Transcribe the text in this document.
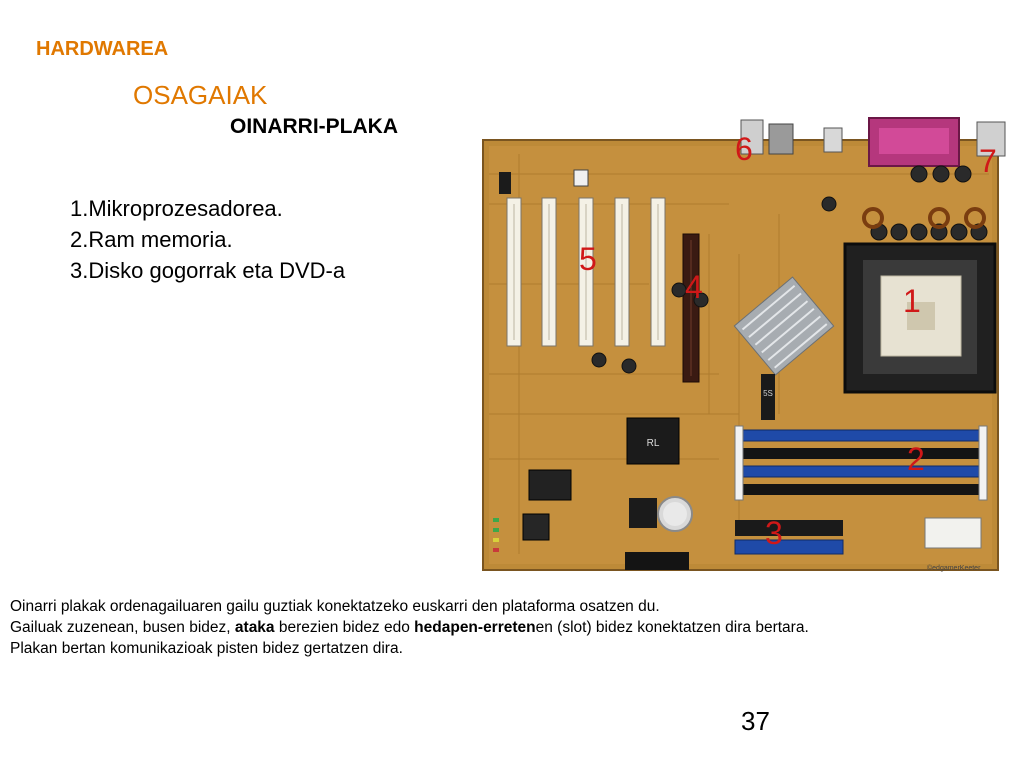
HARDWAREA
OSAGAIAK
OINARRI-PLAKA
1.Mikroprozesadorea.
2.Ram memoria.
3.Disko gogorrak eta DVD-a
RL
5S
1
2
3
4
5
6	7
©edgamerKeeter

Oinarri plakak ordenagailuaren gailu guztiak konektatzeko euskarri den plataforma osatzen du.

Gailuak zuzenean, busen bidez, ataka berezien bidez edo hedapen-erretenen (slot) bidez konektatzen dira bertara.

Plakan bertan komunikazioak pisten bidez gertatzen dira.

37
